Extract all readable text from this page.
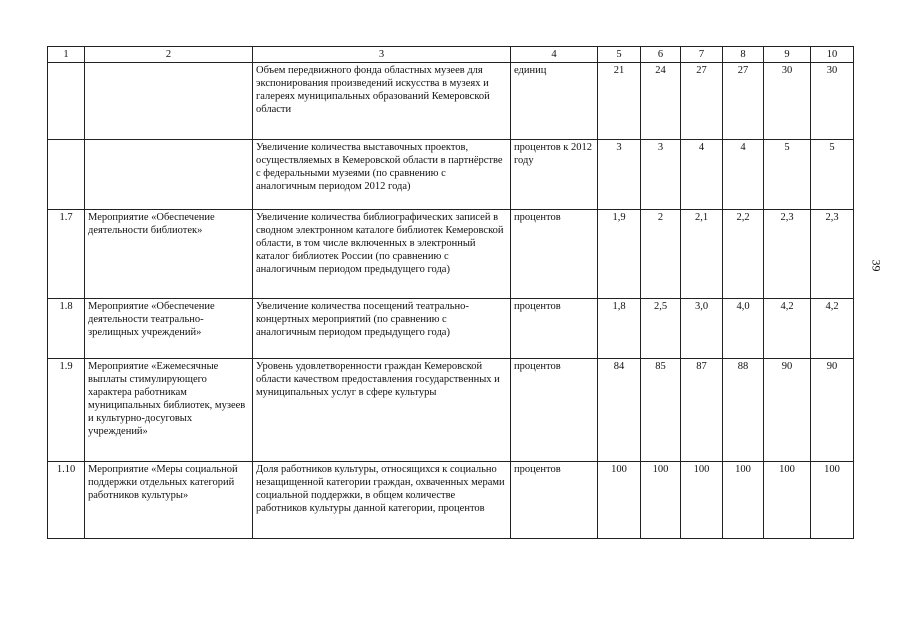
1	2	3	4	5	6	7	8	9	10
		Объем передвижного фонда областных музеев для экспонирования произведений искусства в музеях и галереях муниципальных образований Кемеровской области	единиц	21	24	27	27	30	30
		Увеличение количества выставочных проектов, осуществляемых в Кемеровской области в партнёрстве с федеральными музеями (по сравнению с аналогичным периодом 2012 года)	процентов к 2012 году	3	3	4	4	5	5
1.7	Мероприятие «Обеспечение деятельности библиотек»	Увеличение количества библиографических записей в сводном электронном каталоге библиотек Кемеровской области, в том числе включенных в электронный каталог библиотек России (по сравнению с аналогичным периодом предыдущего года)	процентов	1,9	2	2,1	2,2	2,3	2,3
1.8	Мероприятие «Обеспечение деятельности театрально-зрелищных учреждений»	Увеличение количества посещений театрально-концертных мероприятий (по сравнению с аналогичным периодом предыдущего года)	процентов	1,8	2,5	3,0	4,0	4,2	4,2
1.9	Мероприятие «Ежемесячные выплаты стимулирующего характера работникам муниципальных библиотек, музеев и культурно-досуговых учреждений»	Уровень удовлетворенности граждан Кемеровской области качеством предоставления государственных и муниципальных услуг в сфере культуры	процентов	84	85	87	88	90	90
1.10	Мероприятие «Меры социальной поддержки отдельных категорий работников культуры»	Доля работников культуры, относящихся к социально незащищенной категории граждан, охваченных мерами социальной поддержки, в общем количестве работников культуры данной категории, процентов	процентов	100	100	100	100	100	100
39
